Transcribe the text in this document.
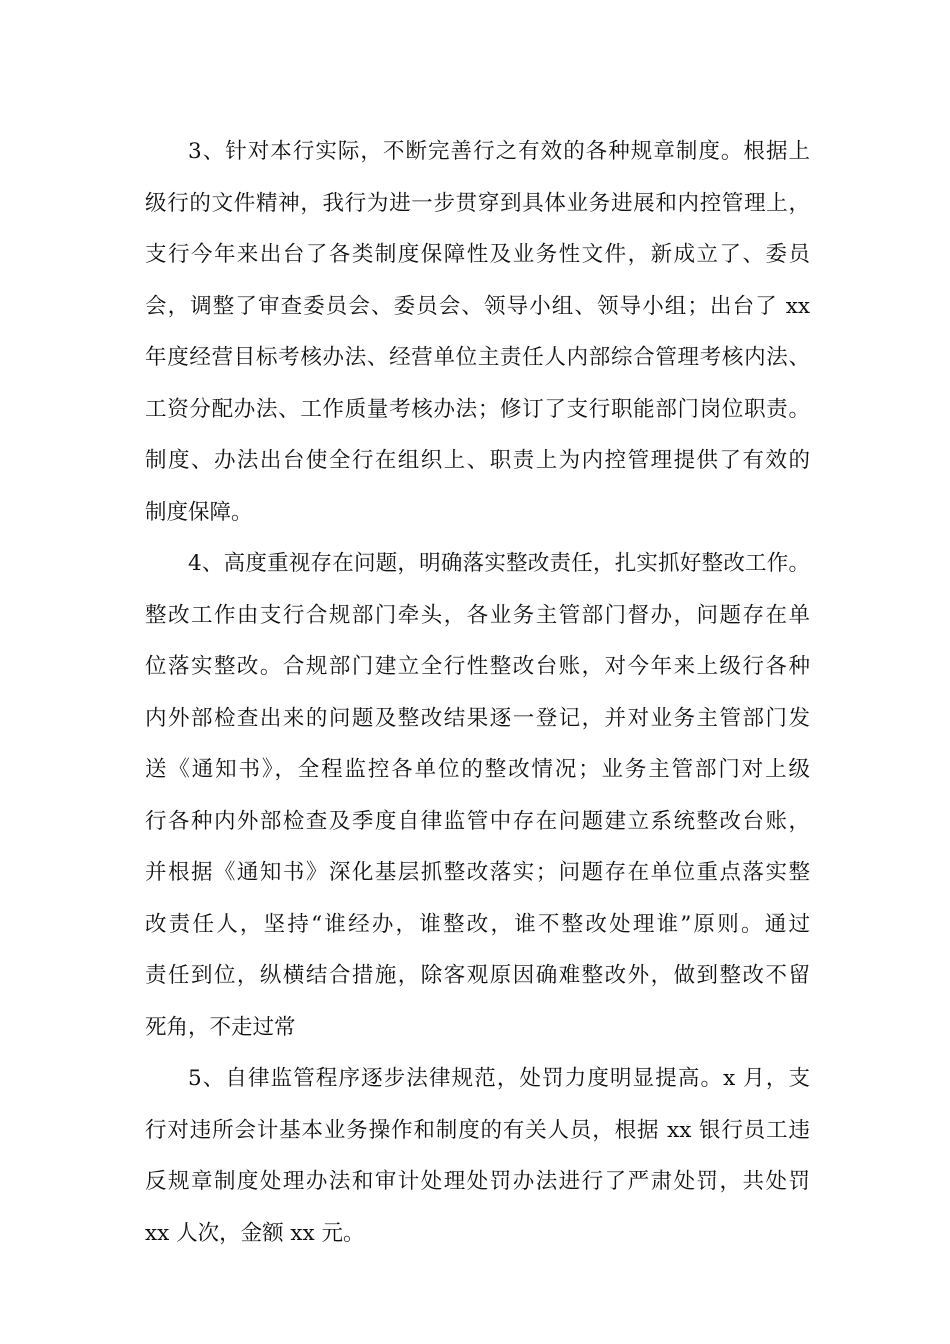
3、针对本行实际，不断完善行之有效的各种规章制度。根据上
级行的文件精神，我行为进一步贯穿到具体业务进展和内控管理上，
支行今年来出台了各类制度保障性及业务性文件，新成立了、委员
会，调整了审查委员会、委员会、领导小组、领导小组；出台了 xx
年度经营目标考核办法、经营单位主责任人内部综合管理考核内法、
工资分配办法、工作质量考核办法；修订了支行职能部门岗位职责。
制度、办法出台使全行在组织上、职责上为内控管理提供了有效的
制度保障。
4、高度重视存在问题，明确落实整改责任，扎实抓好整改工作。
整改工作由支行合规部门牵头，各业务主管部门督办，问题存在单
位落实整改。合规部门建立全行性整改台账，对今年来上级行各种
内外部检查出来的问题及整改结果逐一登记，并对业务主管部门发
送《通知书》，全程监控各单位的整改情况；业务主管部门对上级
行各种内外部检查及季度自律监管中存在问题建立系统整改台账，
并根据《通知书》深化基层抓整改落实；问题存在单位重点落实整
改责任人，坚持“谁经办，谁整改，谁不整改处理谁”原则。通过
责任到位，纵横结合措施，除客观原因确难整改外，做到整改不留
死角，不走过常
5、自律监管程序逐步法律规范，处罚力度明显提高。x 月，支
行对违所会计基本业务操作和制度的有关人员，根据 xx 银行员工违
反规章制度处理办法和审计处理处罚办法进行了严肃处罚，共处罚
xx 人次，金额 xx 元。
